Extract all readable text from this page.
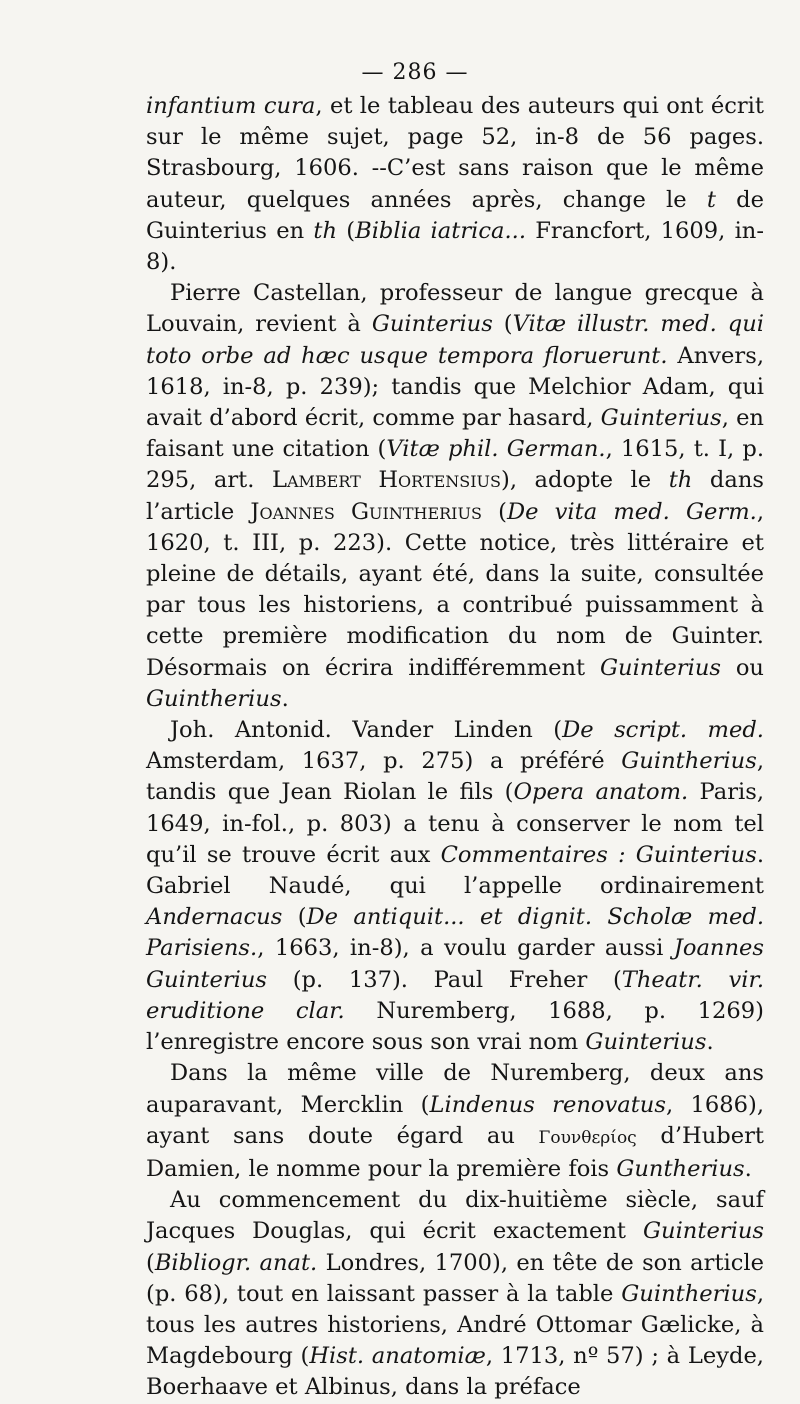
— 286 —

infantium cura, et le tableau des auteurs qui ont écrit sur le même sujet, page 52, in-8 de 56 pages. Strasbourg, 1606. --C’est sans raison que le même auteur, quelques années après, change le t de Guinterius en th (Biblia iatrica... Francfort, 1609, in-8).

Pierre Castellan, professeur de langue grecque à Louvain, revient à Guinterius (Vitæ illustr. med. qui toto orbe ad hæc usque tempora floruerunt. Anvers, 1618, in-8, p. 239); tandis que Melchior Adam, qui avait d’abord écrit, comme par hasard, Guinterius, en faisant une citation (Vitæ phil. German., 1615, t. I, p. 295, art. Lambert Hortensius), adopte le th dans l’article Joannes Guintherius (De vita med. Germ., 1620, t. III, p. 223). Cette notice, très littéraire et pleine de détails, ayant été, dans la suite, consultée par tous les historiens, a contribué puissamment à cette première modification du nom de Guinter. Désormais on écrira indifféremment Guinterius ou Guintherius.

Joh. Antonid. Vander Linden (De script. med. Amsterdam, 1637, p. 275) a préféré Guintherius, tandis que Jean Riolan le fils (Opera anatom. Paris, 1649, in-fol., p. 803) a tenu à conserver le nom tel qu’il se trouve écrit aux Commentaires : Guinterius. Gabriel Naudé, qui l’appelle ordinairement Andernacus (De antiquit... et dignit. Scholæ med. Parisiens., 1663, in-8), a voulu garder aussi Joannes Guinterius (p. 137). Paul Freher (Theatr. vir. eruditione clar. Nuremberg, 1688, p. 1269) l’enregistre encore sous son vrai nom Guinterius.

Dans la même ville de Nuremberg, deux ans auparavant, Mercklin (Lindenus renovatus, 1686), ayant sans doute égard au Γουνθερίος d’Hubert Damien, le nomme pour la première fois Guntherius.

Au commencement du dix-huitième siècle, sauf Jacques Douglas, qui écrit exactement Guinterius (Bibliogr. anat. Londres, 1700), en tête de son article (p. 68), tout en laissant passer à la table Guintherius, tous les autres historiens, André Ottomar Gælicke, à Magdebourg (Hist. anatomiæ, 1713, nº 57) ; à Leyde, Boerhaave et Albinus, dans la préface
